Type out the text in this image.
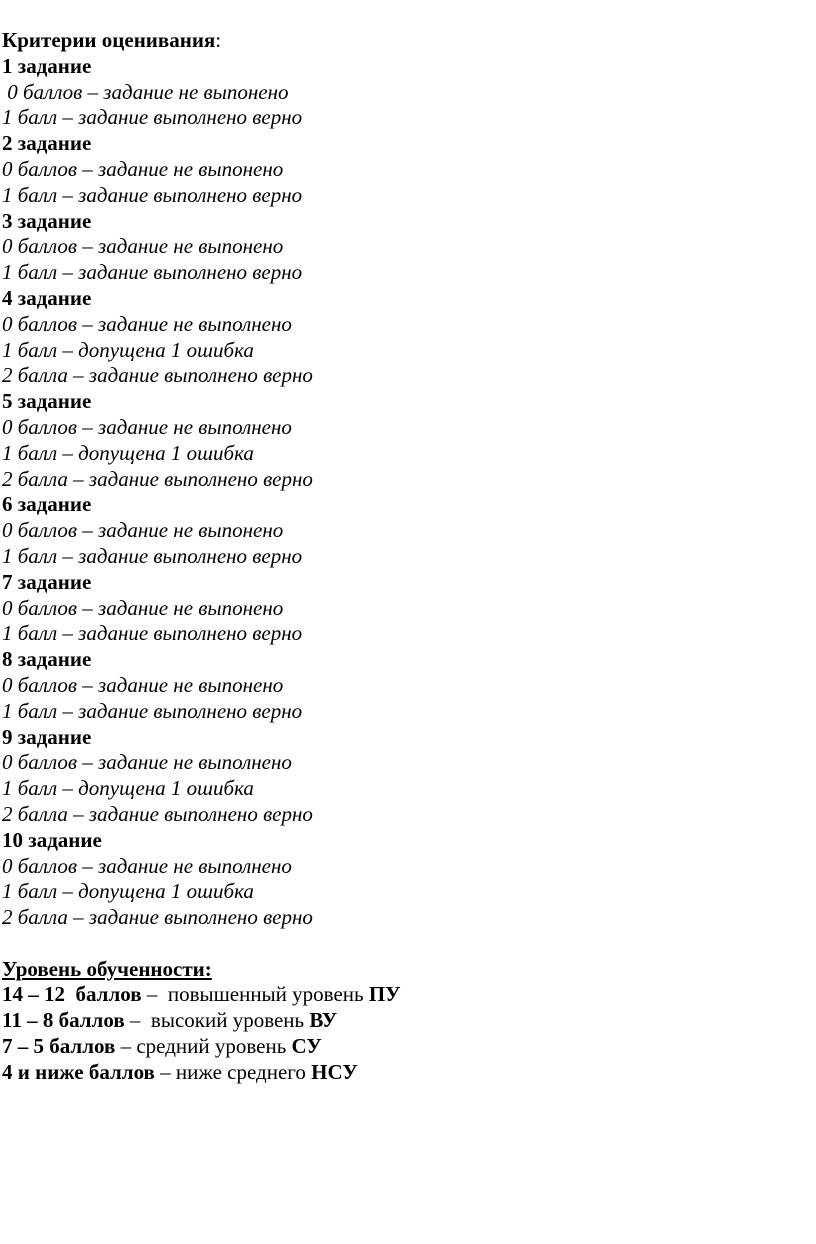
Критерии оценивания:
1 задание
0 баллов – задание не выпонено
1 балл – задание выполнено верно
2 задание
0 баллов – задание не выпонено
1 балл – задание выполнено верно
3 задание
0 баллов – задание не выпонено
1 балл – задание выполнено верно
4 задание
0 баллов – задание не выполнено
1 балл – допущена 1 ошибка
2 балла – задание выполнено верно
5 задание
0 баллов – задание не выполнено
1 балл – допущена 1 ошибка
2 балла – задание выполнено верно
6 задание
0 баллов – задание не выпонено
1 балл – задание выполнено верно
7 задание
0 баллов – задание не выпонено
1 балл – задание выполнено верно
8 задание
0 баллов – задание не выпонено
1 балл – задание выполнено верно
9 задание
0 баллов – задание не выполнено
1 балл – допущена 1 ошибка
2 балла – задание выполнено верно
10 задание
0 баллов – задание не выполнено
1 балл – допущена 1 ошибка
2 балла – задание выполнено верно
Уровень обученности:
14 – 12  баллов –  повышенный уровень ПУ
11 – 8 баллов –  высокий уровень ВУ
7 – 5 баллов – средний уровень СУ
4 и ниже баллов – ниже среднего НСУ
